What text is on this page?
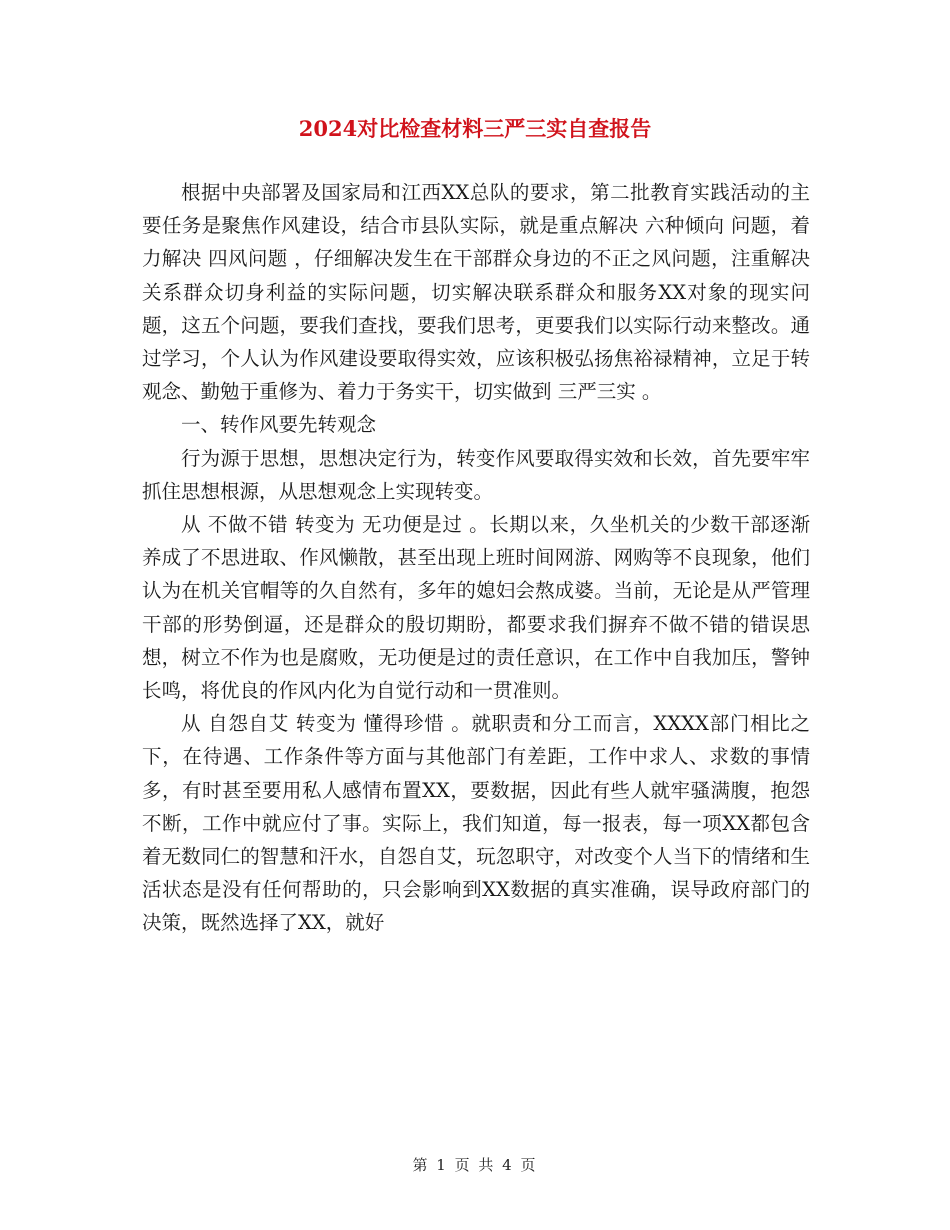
2024对比检查材料三严三实自查报告

根据中央部署及国家局和江西XX总队的要求，第二批教育实践活动的主要任务是聚焦作风建设，结合市县队实际，就是重点解决 六种倾向 问题，着力解决 四风问题 ，仔细解决发生在干部群众身边的不正之风问题，注重解决关系群众切身利益的实际问题，切实解决联系群众和服务XX对象的现实问题，这五个问题，要我们查找，要我们思考，更要我们以实际行动来整改。通过学习，个人认为作风建设要取得实效，应该积极弘扬焦裕禄精神，立足于转观念、勤勉于重修为、着力于务实干，切实做到 三严三实 。

一、转作风要先转观念

行为源于思想，思想决定行为，转变作风要取得实效和长效，首先要牢牢抓住思想根源，从思想观念上实现转变。

从 不做不错 转变为 无功便是过 。长期以来，久坐机关的少数干部逐渐养成了不思进取、作风懒散，甚至出现上班时间网游、网购等不良现象，他们认为在机关官帽等的久自然有，多年的媳妇会熬成婆。当前，无论是从严管理干部的形势倒逼，还是群众的殷切期盼，都要求我们摒弃不做不错的错误思想，树立不作为也是腐败，无功便是过的责任意识，在工作中自我加压，警钟长鸣，将优良的作风内化为自觉行动和一贯准则。

从 自怨自艾 转变为 懂得珍惜 。就职责和分工而言，XXXX部门相比之下，在待遇、工作条件等方面与其他部门有差距，工作中求人、求数的事情多，有时甚至要用私人感情布置XX，要数据，因此有些人就牢骚满腹，抱怨不断，工作中就应付了事。实际上，我们知道，每一报表，每一项XX都包含着无数同仁的智慧和汗水，自怨自艾，玩忽职守，对改变个人当下的情绪和生活状态是没有任何帮助的，只会影响到XX数据的真实准确，误导政府部门的决策，既然选择了XX，就好

第 1 页 共 4 页
